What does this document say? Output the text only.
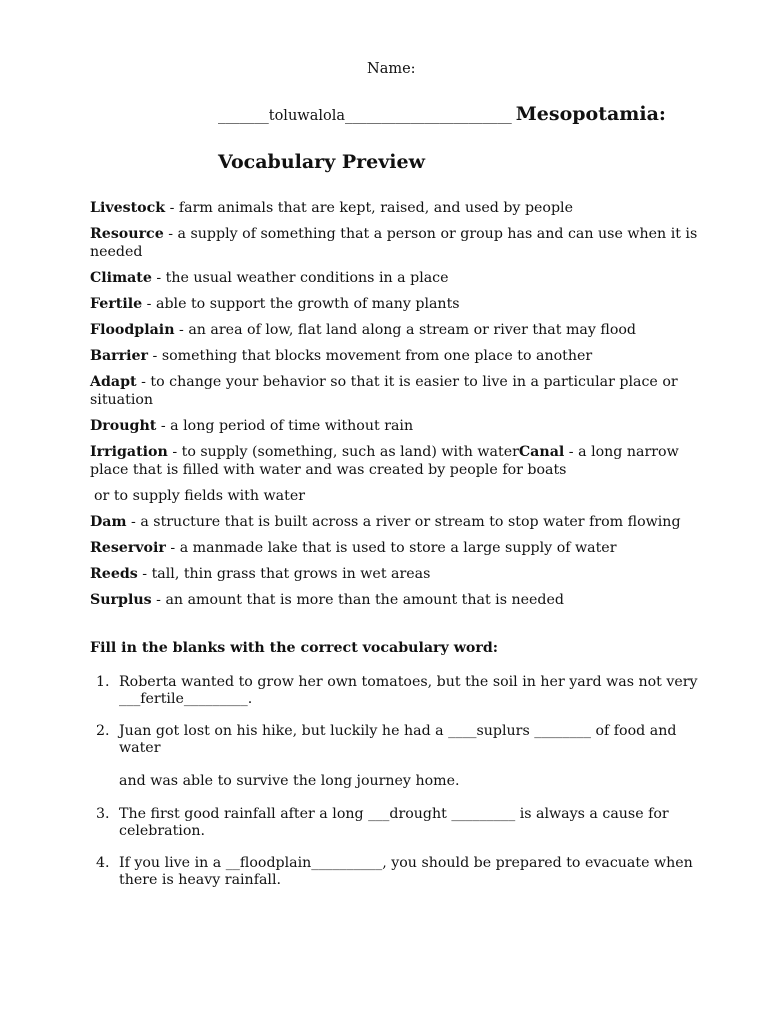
Name:
_______toluwalola_______________________ Mesopotamia:
Vocabulary Preview

Livestock - farm animals that are kept, raised, and used by people

Resource - a supply of something that a person or group has and can use when it is needed

Climate - the usual weather conditions in a place

Fertile - able to support the growth of many plants

Floodplain - an area of low, flat land along a stream or river that may flood

Barrier - something that blocks movement from one place to another

Adapt - to change your behavior so that it is easier to live in a particular place or situation

Drought - a long period of time without rain

Irrigation - to supply (something, such as land) with waterCanal - a long narrow place that is filled with water and was created by people for boats

or to supply fields with water

Dam - a structure that is built across a river or stream to stop water from flowing

Reservoir - a manmade lake that is used to store a large supply of water

Reeds - tall, thin grass that grows in wet areas

Surplus - an amount that is more than the amount that is needed

Fill in the blanks with the correct vocabulary word:
1. Roberta wanted to grow her own tomatoes, but the soil in her yard was not very ___fertile_________.

2. Juan got lost on his hike, but luckily he had a ____suplurs ________ of food and water

and was able to survive the long journey home.

3. The first good rainfall after a long ___drought _________ is always a cause for celebration.

4. If you live in a __floodplain__________, you should be prepared to evacuate when there is heavy rainfall.
